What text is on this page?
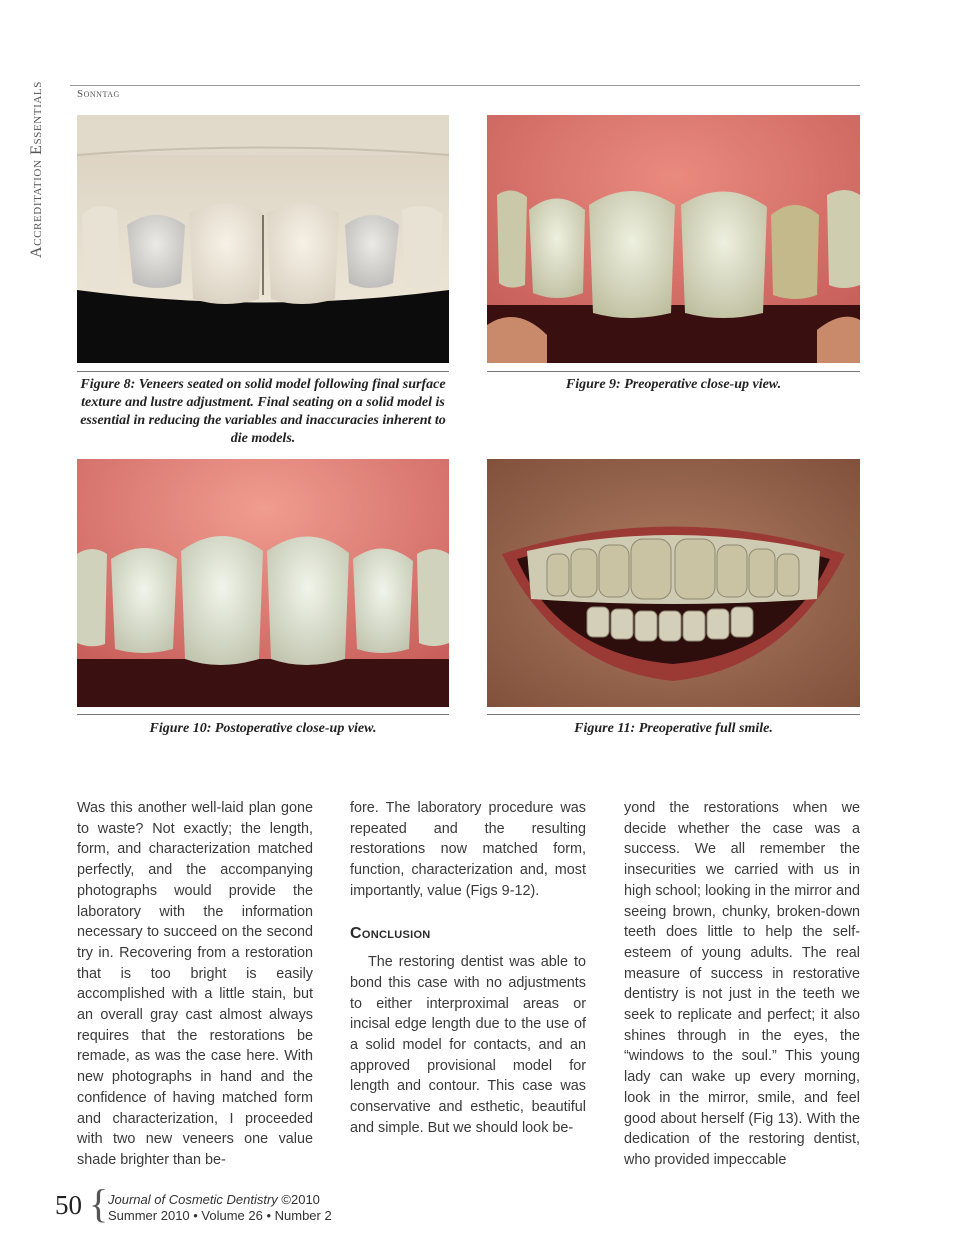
Accreditation Essentials	Sonntag
Figure 8: Veneers seated on solid model following final surface texture and lustre adjustment. Final seating on a solid model is essential in reducing the variables and inaccuracies inherent to die models.
Figure 9: Preoperative close-up view.
Figure 10: Postoperative close-up view.	Figure 11: Preoperative full smile.

Was this another well-laid plan gone to waste? Not exactly; the length, form, and characterization matched perfectly, and the accompanying photographs would provide the laboratory with the information necessary to succeed on the second try in. Recovering from a restoration that is too bright is easily accomplished with a little stain, but an overall gray cast almost always requires that the restorations be remade, as was the case here. With new photographs in hand and the confidence of having matched form and characterization, I proceeded with two new veneers one value shade brighter than be-

fore. The laboratory procedure was repeated and the resulting restorations now matched form, function, characterization and, most importantly, value (Figs 9-12).

Conclusion

The restoring dentist was able to bond this case with no adjustments to either interproximal areas or incisal edge length due to the use of a solid model for contacts, and an approved provisional model for length and contour. This case was conservative and esthetic, beautiful and simple. But we should look be-

yond the restorations when we decide whether the case was a success. We all remember the insecurities we carried with us in high school; looking in the mirror and seeing brown, chunky, broken-down teeth does little to help the self-esteem of young adults. The real measure of success in restorative dentistry is not just in the teeth we seek to replicate and perfect; it also shines through in the eyes, the “windows to the soul.” This young lady can wake up every morning, look in the mirror, smile, and feel good about herself (Fig 13). With the dedication of the restoring dentist, who provided impeccable

50 { Journal of Cosmetic Dentistry ©2010
Summer 2010 • Volume 26 • Number 2
